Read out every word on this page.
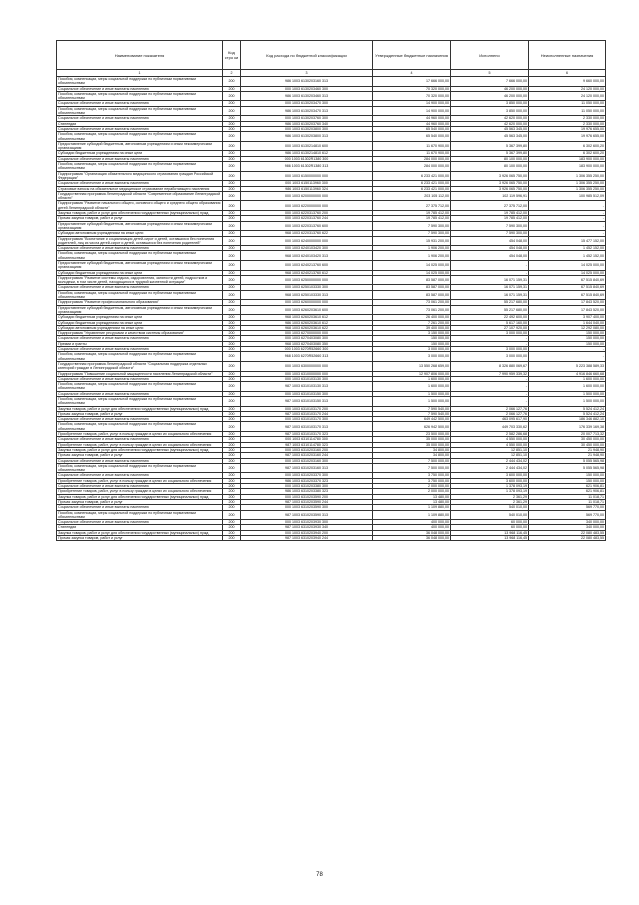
Наименование показателя	Код стро ки	Код расхода по бюджетной классификации	Утвержденные бюджетные назначения	Исполнено	Неисполненные назначения
1	2	3	4	5	6
Пособия, компенсации, меры социальной поддержки по публичным нормативным обязательствам	200	986 1003 6130203160 313	17 666 000,00	7 666 000,00	9 660 000,00
Социальное обеспечение и иные выплаты населению	200	000 1003 6130203460 300	70 320 000,00	46 200 000,00	24 120 000,00
Пособия, компенсации, меры социальной поддержки по публичным нормативным обязательствам	200	986 1003 6130203460 313	70 320 000,00	46 200 000,00	24 120 000,00
Социальное обеспечение и иные выплаты населению	200	000 1003 6130203470 300	14 900 000,00	3 850 000,00	11 050 000,00
Пособия, компенсации, меры социальной поддержки по публичным нормативным обязательствам	200	986 1003 6130203470 313	14 900 000,00	3 850 000,00	11 050 000,00
Социальное обеспечение и иные выплаты населению	200	000 1003 6130203760 300	44 960 000,00	42 620 000,00	2 330 000,00
Стипендии	200	986 1003 6130203760 340	44 960 000,00	42 620 000,00	2 330 000,00
Социальное обеспечение и иные выплаты населению	200	000 1003 6130203800 300	65 540 000,00	45 563 345,00	19 976 655,00
Пособия, компенсации, меры социальной поддержки по публичным нормативным обязательствам	200	986 1003 6130203800 313	65 540 000,00	45 563 345,00	19 976 655,00
Предоставление субсидий бюджетным, автономным учреждениям и иным некоммерческим организациям	200	000 1003 6130214810 600	11 670 900,00	5 367 399,80	6 302 600,20
Субсидии бюджетным учреждениям на иные цели	200	986 1003 6130214810 612	11 670 900,00	5 367 399,80	6 302 600,20
Социальное обеспечение и иные выплаты населению	200	000 1003 61302R1380 300	284 000 000,00	80 100 000,00	183 900 000,00
Пособия, компенсации, меры социальной поддержки по публичным нормативным обязательствам	200	986 1003 61302R1380 313	284 000 000,00	80 100 000,00	183 900 000,00
Подпрограмма "Организация обязательного медицинского страхования граждан Российской Федерации"	200	000 1003 6150000000 000	6 233 421 000,00	3 926 065 750,00	1 306 355 250,00
Социальное обеспечение и иные выплаты населению	200	000 1003 6150113960 300	6 233 421 000,00	3 926 065 750,00	1 306 355 250,00
Страховые взносы на обязательное медицинское страхование неработающего населения	200	986 1003 6150113960 324	6 233 421 000,00	3 926 065 750,00	1 306 355 250,00
Государственная программа Ленинградской области "Современное образование Ленинградской области"	200	000 1003 6200000000 000	203 105 112,00	102 119 596,91	100 985 512,09
Подпрограмма "Развитие начального общего, основного общего и среднего общего образования детей Ленинградской области"	200	000 1003 6220000000 000	27 375 712,00	27 375 712,00	-
Закупка товаров, работ и услуг для обеспечения государственных (муниципальных) нужд	200	000 1003 6220313760 200	19 785 412,00	19 785 412,00	-
Прочая закупка товаров, работ и услуг	200	000 1003 6220313760 244	19 785 412,00	19 785 412,00	-
Предоставление субсидий бюджетным, автономным учреждениям и иным некоммерческим организациям	200	000 1003 6220313760 600	7 590 300,00	7 590 300,00	-
Субсидии автономным учреждениям на иные цели	200	968 1003 6220313760 622	7 590 300,00	7 590 300,00	-
Подпрограмма "Воспитание и социализация детей-сирот и детей, оставшихся без попечения родителей, лиц из числа детей-сирот и детей, оставшихся без попечения родителей"	200	000 1003 6240000000 000	15 931 200,00	454 048,00	15 477 152,00
Социальное обеспечение и иные выплаты населению	200	000 1003 6240103420 300	1 906 200,00	454 048,00	1 452 152,00
Пособия, компенсации, меры социальной поддержки по публичным нормативным обязательствам	200	968 1003 6240103420 313	1 906 200,00	454 048,00	1 452 152,00
Предоставление субсидий бюджетным, автономным учреждениям и иным некоммерческим организациям	200	000 1003 6240213760 600	14 025 000,00	-	14 025 000,00
Субсидии бюджетным учреждениям на иные цели	200	968 1003 6240213760 612	14 025 000,00	-	14 025 000,00
Подпрограмма "Развитие системы отдыха, оздоровления, занятости детей, подростков и молодежи, в том числе детей, находящихся в трудной жизненной ситуации"	200	000 1003 6250000000 000	83 587 000,00	16 071 159,31	67 515 840,69
Социальное обеспечение и иные выплаты населению	200	000 1003 6250103330 300	83 587 000,00	16 071 159,31	67 515 840,69
Пособия, компенсации, меры социальной поддержки по публичным нормативным обязательствам	200	968 1003 6250103330 313	83 587 000,00	16 071 159,31	67 515 840,69
Подпрограмма "Развитие профессионального образования"	200	000 1003 6260000000 000	73 061 200,00	55 217 680,00	17 843 520,00
Предоставление субсидий бюджетным, автономным учреждениям и иным некоммерческим организациям	200	000 1003 6260203610 600	73 061 200,00	55 217 680,00	17 843 520,00
Субсидии бюджетным учреждениям на иные цели	200	968 1003 6260203610 612	26 400 000,00	22 492 600,00	3 907 400,00
Субсидии бюджетным учреждениям на иные цели	200	986 1003 6260203610 612	7 261 200,00	5 617 160,00	1 644 040,00
Субсидии автономным учреждениям на иные цели	200	968 1003 6260203610 622	39 400 000,00	27 107 920,00	12 292 080,00
Подпрограмма "Управление ресурсами и качеством системы образования"	200	000 1003 6270000000 000	3 150 000,00	3 000 000,00	150 000,00
Социальное обеспечение и иные выплаты населению	200	000 1003 6270403080 300	150 000,00	-	150 000,00
Премии и гранты	200	968 1003 6270403080 350	150 000,00	-	150 000,00
Социальное обеспечение и иные выплаты населению	200	000 1003 6270R52660 300	3 000 000,00	3 000 000,00	-
Пособия, компенсации, меры социальной поддержки по публичным нормативным обязательствам	200	968 1003 6270R52660 313	3 000 000,00	3 000 000,00	-
Государственная программа Ленинградской области "Социальная поддержка отдельных категорий граждан в Ленинградской области"	200	000 1003 6300000000 000	13 550 268 659,00	8 326 880 069,67	5 223 388 589,33
Подпрограмма "Повышение социальной защищенности населения Ленинградской области"	200	000 1003 6310000000 000	12 907 806 000,00	7 990 959 339,32	4 916 846 660,68
Социальное обеспечение и иные выплаты населению	200	000 1003 6310103130 300	1 600 000,00	-	1 600 000,00
Пособия, компенсации, меры социальной поддержки по публичным нормативным обязательствам	200	987 1003 6310103130 313	1 600 000,00	-	1 600 000,00
Социальное обеспечение и иные выплаты населению	200	000 1003 6310103150 300	1 500 000,00	-	1 500 000,00
Пособия, компенсации, меры социальной поддержки по публичным нормативным обязательствам	200	987 1003 6310103150 313	1 500 000,00	-	1 500 000,00
Закупка товаров, работ и услуг для обеспечения государственных (муниципальных) нужд	200	000 1003 6310103170 200	7 590 540,00	2 066 127,76	5 524 412,24
Прочая закупка товаров, работ и услуг	200	987 1003 6310103170 244	7 590 540,00	2 066 127,76	5 524 412,24
Социальное обеспечение и иные выплаты населению	200	000 1003 6310103170 300	649 442 500,00	463 095 617,90	186 346 882,10
Пособия, компенсации, меры социальной поддержки по публичным нормативным обязательствам	200	987 1003 6310103170 313	626 942 500,00	449 703 330,62	176 339 169,38
Приобретение товаров, работ, услуг в пользу граждан в целях их социального обеспечения	200	987 1003 6310103170 323	23 500 000,00	2 582 286,68	20 007 713,32
Социальное обеспечение и иные выплаты населению	200	000 1003 6310114780 300	35 000 000,00	4 550 000,00	30 450 000,00
Приобретение товаров, работ, услуг в пользу граждан в целях их социального обеспечения	200	987 1003 6310114780 323	35 000 000,00	4 550 000,00	30 450 000,00
Закупка товаров, работ и услуг для обеспечения государственных (муниципальных) нужд	200	000 1003 6310203160 200	34 800,00	12 851,10	21 948,90
Прочая закупка товаров, работ и услуг	200	987 1003 6310203160 244	34 800,00	12 851,10	21 948,90
Социальное обеспечение и иные выплаты населению	200	000 1003 6310203160 300	7 500 000,00	2 444 434,02	5 055 565,98
Пособия, компенсации, меры социальной поддержки по публичным нормативным обязательствам	200	987 1003 6310203160 313	7 500 000,00	2 444 434,02	5 055 565,98
Социальное обеспечение и иные выплаты населению	200	000 1003 6310203370 300	3 750 000,00	3 600 000,00	150 000,00
Приобретение товаров, работ, услуг в пользу граждан в целях их социального обеспечения	200	986 1003 6310203370 323	3 750 000,00	3 600 000,00	150 000,00
Социальное обеспечение и иные выплаты населению	200	000 1003 6310203380 300	2 000 000,00	1 378 093,19	621 906,81
Приобретение товаров, работ, услуг в пользу граждан в целях их социального обеспечения	200	986 1003 6310203380 323	2 000 000,00	1 378 093,19	621 906,81
Закупка товаров, работ и услуг для обеспечения государственных (муниципальных) нужд	200	000 1003 6310203590 200	13 480,00	2 361,29	11 018,71
Прочая закупка товаров, работ и услуг	200	987 1003 6310203590 244	13 480,00	2 361,29	11 018,71
Социальное обеспечение и иные выплаты населению	200	000 1003 6310203590 300	1 109 880,00	540 010,00	569 770,00
Пособия, компенсации, меры социальной поддержки по публичным нормативным обязательствам	200	987 1003 6310203590 313	1 109 880,00	540 010,00	569 770,00
Социальное обеспечение и иные выплаты населению	200	000 1003 6310203930 300	400 000,00	60 000,00	340 000,00
Стипендии	200	987 1003 6310203930 340	400 000,00	60 000,00	340 000,00
Закупка товаров, работ и услуг для обеспечения государственных (муниципальных) нужд	200	000 1003 6310203940 200	36 048 000,00	13 968 116,45	22 080 483,55
Прочая закупка товаров, работ и услуг	200	987 1003 6310203940 244	36 048 000,00	13 968 116,45	22 080 483,55
78
